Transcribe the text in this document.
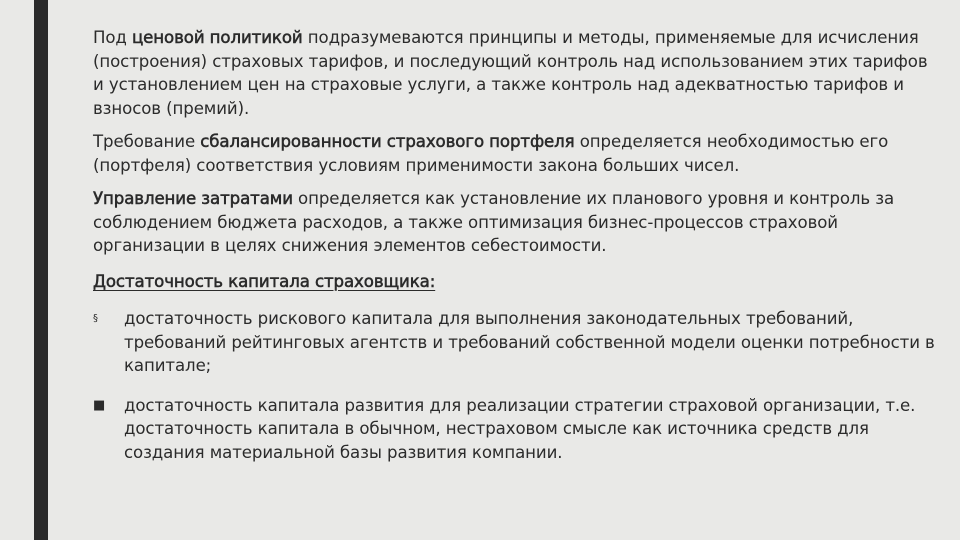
Под ценовой политикой подразумеваются принципы и методы, применяемые для исчисления (построения) страховых тарифов, и последующий контроль над использованием этих тарифов и установлением цен на страховые услуги, а также контроль над адекватностью тарифов и взносов (премий).

Требование сбалансированности страхового портфеля определяется необходимостью его (портфеля) соответствия условиям применимости закона больших чисел.

Управление затратами определяется как установление их планового уровня и контроль за соблюдением бюджета расходов, а также оптимизация бизнес-процессов страховой организации в целях снижения элементов себестоимости.

Достаточность капитала страховщика:

§ достаточность рискового капитала для выполнения законодательных требований, требований рейтинговых агентств и требований собственной модели оценки потребности в капитале;
■ достаточность капитала развития для реализации стратегии страховой организации, т.е. достаточность капитала в обычном, нестраховом смысле как источника средств для создания материальной базы развития компании.
